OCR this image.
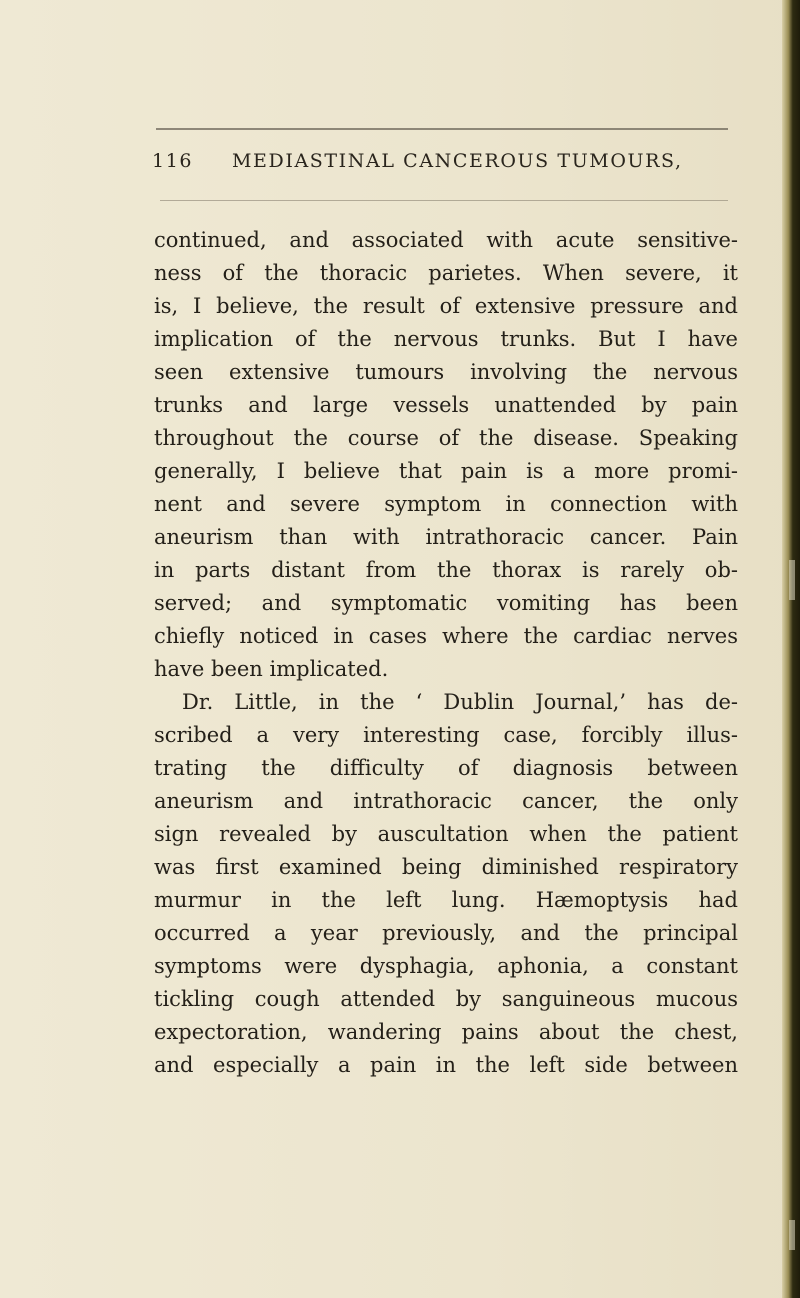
116 MEDIASTINAL CANCEROUS TUMOURS,
continued, and associated with acute sensitive-
ness of the thoracic parietes. When severe, it
is, I believe, the result of extensive pressure and
implication of the nervous trunks. But I have
seen extensive tumours involving the nervous
trunks and large vessels unattended by pain
throughout the course of the disease. Speaking
generally, I believe that pain is a more promi-
nent and severe symptom in connection with
aneurism than with intrathoracic cancer. Pain
in parts distant from the thorax is rarely ob-
served; and symptomatic vomiting has been
chiefly noticed in cases where the cardiac nerves
have been implicated.
Dr. Little, in the ‘ Dublin Journal,’ has de-
scribed a very interesting case, forcibly illus-
trating the difficulty of diagnosis between
aneurism and intrathoracic cancer, the only
sign revealed by auscultation when the patient
was first examined being diminished respiratory
murmur in the left lung. Hæmoptysis had
occurred a year previously, and the principal
symptoms were dysphagia, aphonia, a constant
tickling cough attended by sanguineous mucous
expectoration, wandering pains about the chest,
and especially a pain in the left side between
